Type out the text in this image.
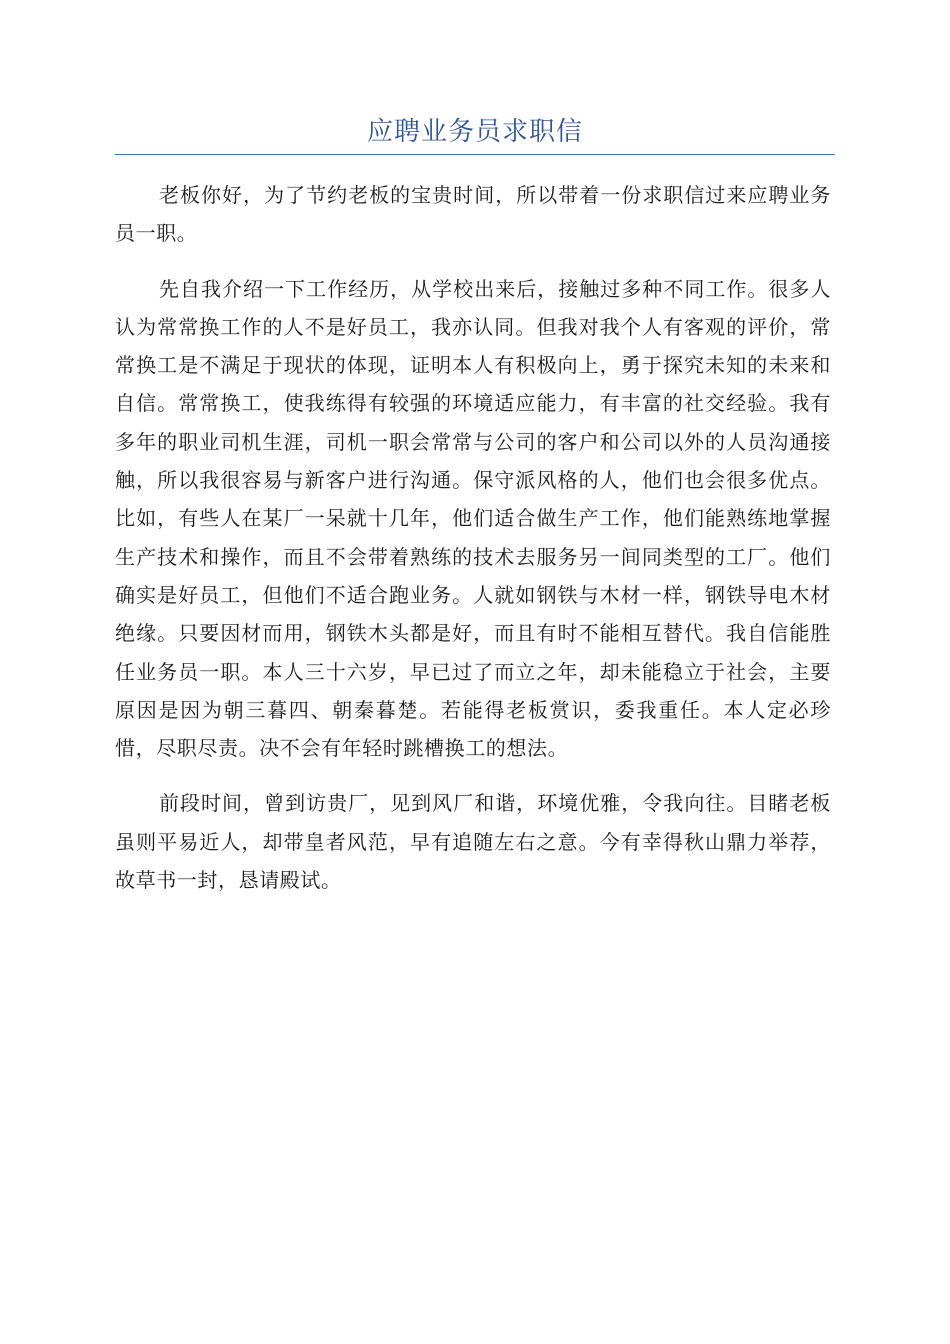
应聘业务员求职信

老板你好，为了节约老板的宝贵时间，所以带着一份求职信过来应聘业务员一职。

先自我介绍一下工作经历，从学校出来后，接触过多种不同工作。很多人认为常常换工作的人不是好员工，我亦认同。但我对我个人有客观的评价，常常换工是不满足于现状的体现，证明本人有积极向上，勇于探究未知的未来和自信。常常换工，使我练得有较强的环境适应能力，有丰富的社交经验。我有多年的职业司机生涯，司机一职会常常与公司的客户和公司以外的人员沟通接触，所以我很容易与新客户进行沟通。保守派风格的人，他们也会很多优点。比如，有些人在某厂一呆就十几年，他们适合做生产工作，他们能熟练地掌握生产技术和操作，而且不会带着熟练的技术去服务另一间同类型的工厂。他们确实是好员工，但他们不适合跑业务。人就如钢铁与木材一样，钢铁导电木材绝缘。只要因材而用，钢铁木头都是好，而且有时不能相互替代。我自信能胜任业务员一职。本人三十六岁，早已过了而立之年，却未能稳立于社会，主要原因是因为朝三暮四、朝秦暮楚。若能得老板赏识，委我重任。本人定必珍惜，尽职尽责。决不会有年轻时跳槽换工的想法。

前段时间，曾到访贵厂，见到风厂和谐，环境优雅，令我向往。目睹老板虽则平易近人，却带皇者风范，早有追随左右之意。今有幸得秋山鼎力举荐，故草书一封，恳请殿试。
